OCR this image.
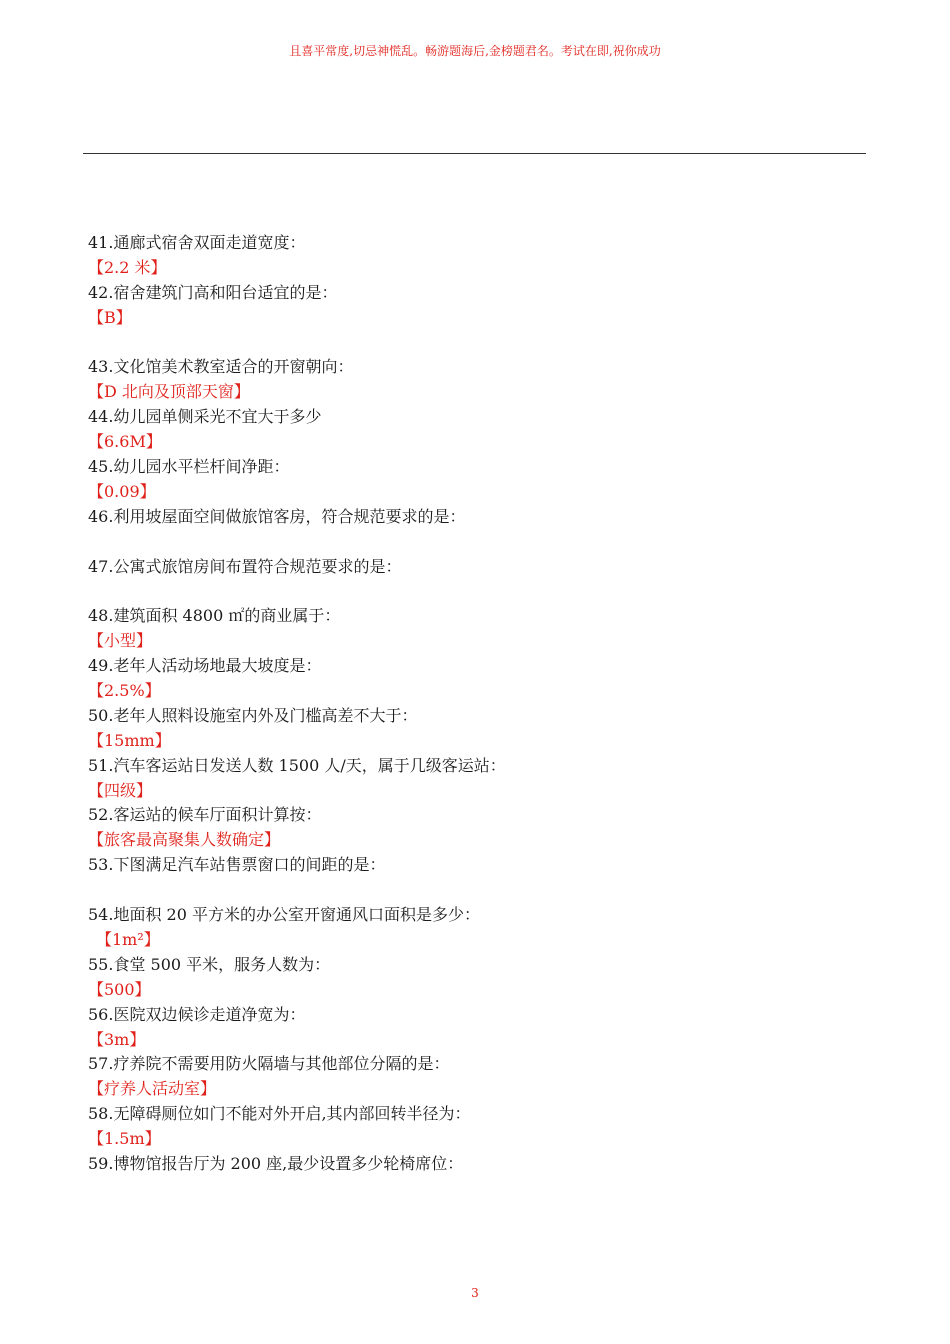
且喜平常度,切忌神慌乱。畅游题海后,金榜题君名。考试在即,祝你成功
41.通廊式宿舍双面走道宽度：
【2.2 米】
42.宿舍建筑门高和阳台适宜的是：
【B】
43.文化馆美术教室适合的开窗朝向：
【D 北向及顶部天窗】
44.幼儿园单侧采光不宜大于多少
【6.6M】
45.幼儿园水平栏杆间净距：
【0.09】
46.利用坡屋面空间做旅馆客房，符合规范要求的是：
47.公寓式旅馆房间布置符合规范要求的是：
48.建筑面积 4800 ㎡的商业属于：
【小型】
49.老年人活动场地最大坡度是：
【2.5%】
50.老年人照料设施室内外及门槛高差不大于：
【15mm】
51.汽车客运站日发送人数 1500 人/天，属于几级客运站：
【四级】
52.客运站的候车厅面积计算按：
【旅客最高聚集人数确定】
53.下图满足汽车站售票窗口的间距的是：
54.地面积 20 平方米的办公室开窗通风口面积是多少：
【1m²】
55.食堂 500 平米，服务人数为：
【500】
56.医院双边候诊走道净宽为：
【3m】
57.疗养院不需要用防火隔墙与其他部位分隔的是：
【疗养人活动室】
58.无障碍厕位如门不能对外开启,其内部回转半径为：
【1.5m】
59.博物馆报告厅为 200 座,最少设置多少轮椅席位：
3
